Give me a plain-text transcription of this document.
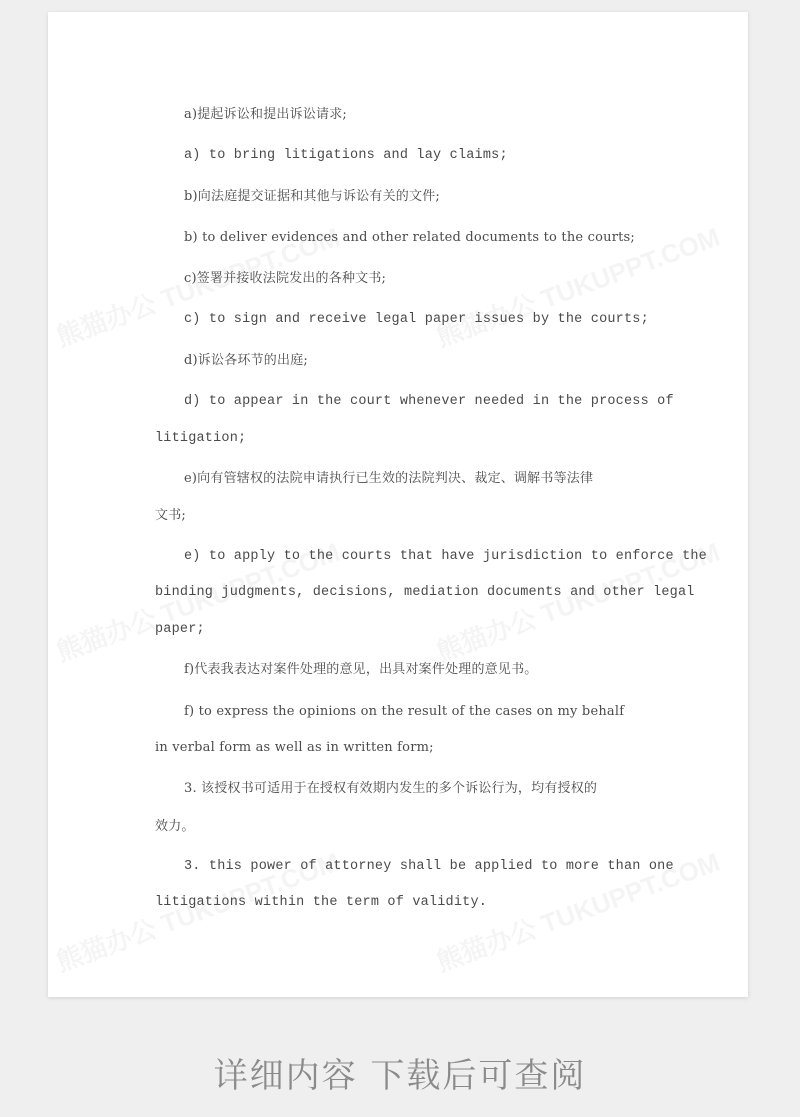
a)提起诉讼和提出诉讼请求;
a) to bring litigations and lay claims;
b)向法庭提交证据和其他与诉讼有关的文件;
b) to deliver evidences and other related documents to the courts;
c)签署并接收法院发出的各种文书;
c) to sign and receive legal paper issues by the courts;
d)诉讼各环节的出庭;
d) to appear in the court whenever needed in the process of
litigation;
e)向有管辖权的法院申请执行已生效的法院判决、裁定、调解书等法律
文书;
e) to apply to the courts that have jurisdiction to enforce the
binding judgments, decisions, mediation documents and other legal
paper;
f)代表我表达对案件处理的意见，出具对案件处理的意见书。
f) to express the opinions on the result of the cases on my behalf
in verbal form as well as in written form;
3. 该授权书可适用于在授权有效期内发生的多个诉讼行为，均有授权的
效力。
3. this power of attorney shall be applied to more than one
litigations within the term of validity.
详细内容 下载后可查阅
